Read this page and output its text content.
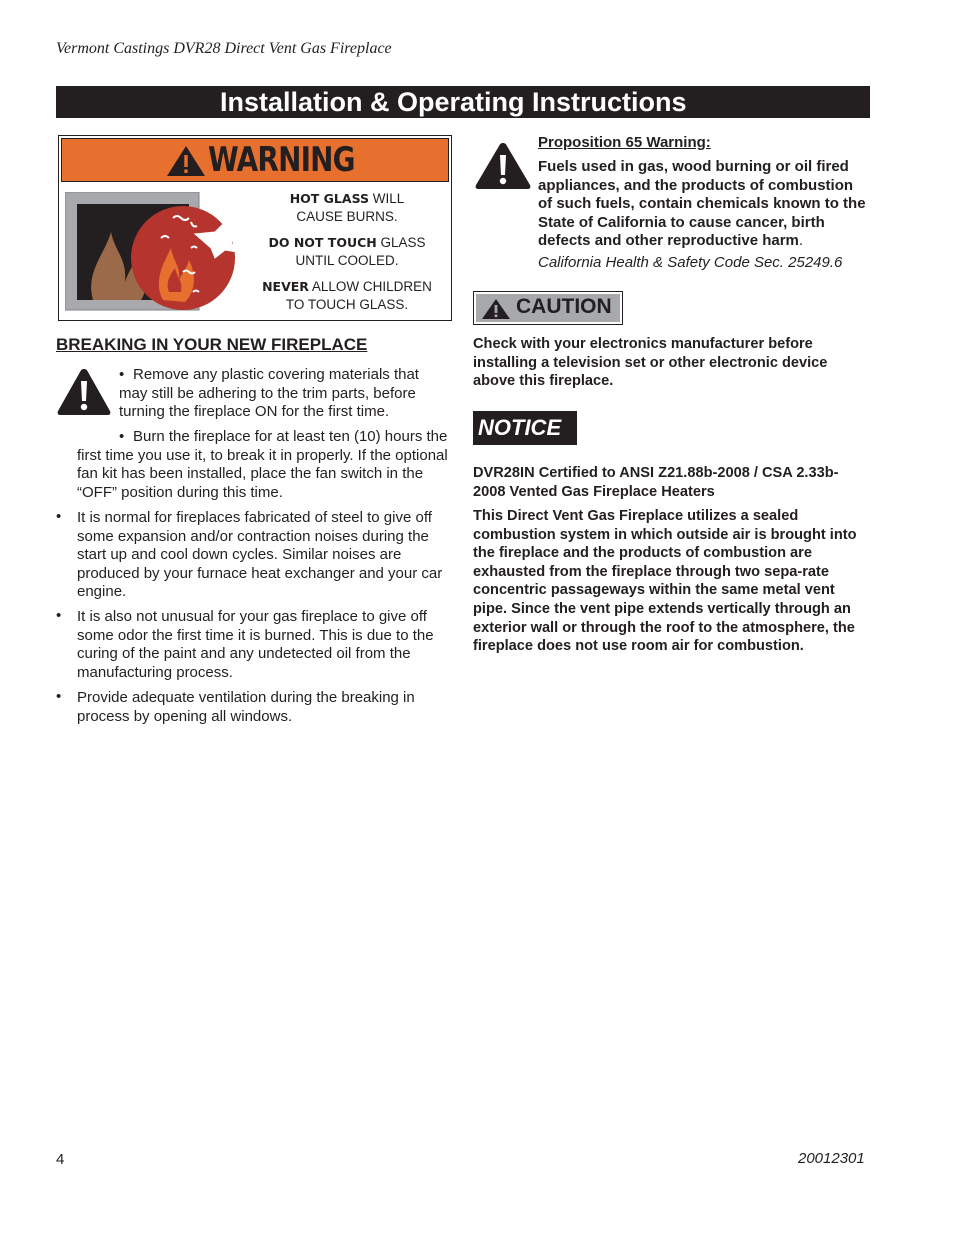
Vermont Castings DVR28 Direct Vent Gas Fireplace
Installation & Operating Instructions
WARNING
HOT GLASS WILL
CAUSE BURNS.
DO NOT TOUCH GLASS
UNTIL COOLED.
NEVER ALLOW CHILDREN
TO TOUCH GLASS.
BREAKING IN YOUR NEW FIREPLACE
• Remove any plastic covering materials that may still be adhering to the trim parts, before turning the fireplace ON for the first time.
• Burn the fireplace for at least ten (10) hours the first time you use it, to break it in properly. If the optional fan kit has been installed, place the fan switch in the “OFF” position during this time.
• It is normal for fireplaces fabricated of steel to give off some expansion and/or contraction noises during the start up and cool down cycles. Similar noises are produced by your furnace heat exchanger and your car engine.
• It is also not unusual for your gas fireplace to give off some odor the first time it is burned. This is due to the curing of the paint and any undetected oil from the manufacturing process.
• Provide adequate ventilation during the breaking in process by opening all windows.
Proposition 65 Warning:
Fuels used in gas, wood burning or oil fired appliances, and the products of combustion of such fuels, contain chemicals known to the State of California to cause cancer, birth defects and other reproductive harm.
California Health & Safety Code Sec. 25249.6
CAUTION
Check with your electronics manufacturer before installing a television set or other electronic device above this fireplace.
NOTICE
DVR28IN Certified to ANSI Z21.88b-2008 / CSA 2.33b-2008 Vented Gas Fireplace Heaters
This Direct Vent Gas Fireplace utilizes a sealed combustion system in which outside air is brought into the fireplace and the products of combustion are exhausted from the fireplace through two sepa-rate concentric passageways within the same metal vent pipe. Since the vent pipe extends vertically through an exterior wall or through the roof to the atmosphere, the fireplace does not use room air for combustion.
4	20012301
